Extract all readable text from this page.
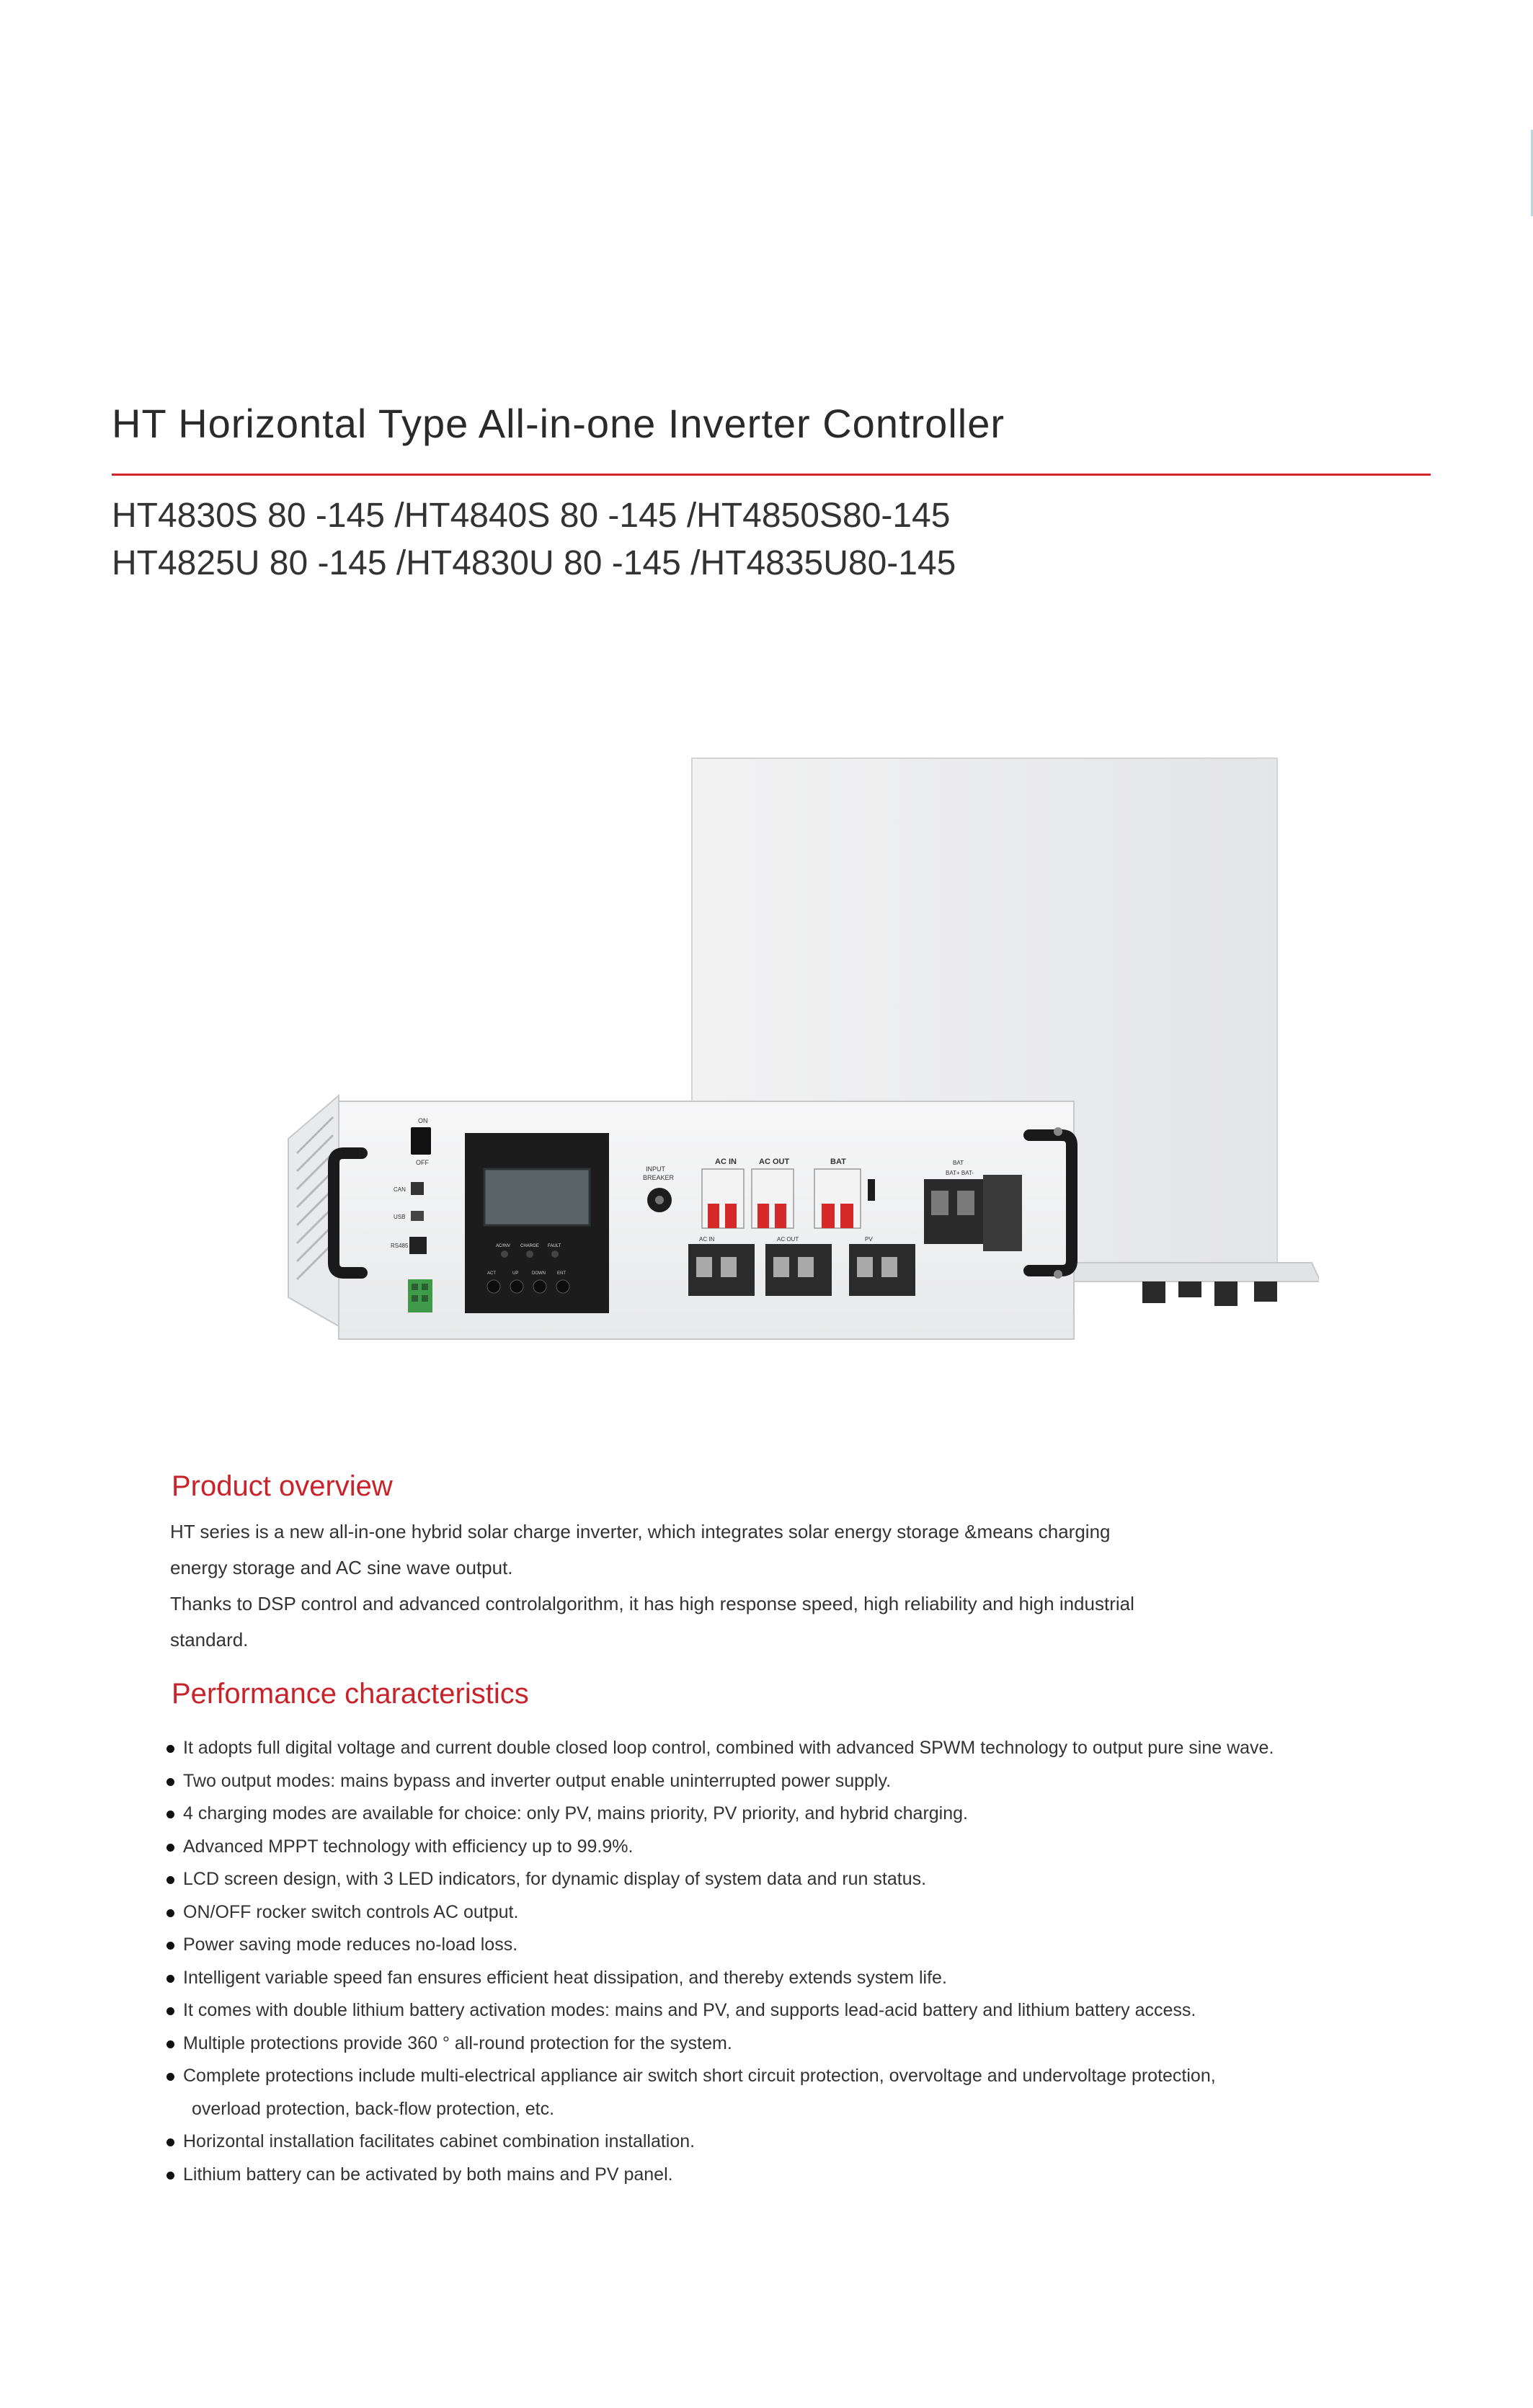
HT Horizontal Type All-in-one Inverter Controller
HT4830S 80 -145 /HT4840S 80 -145 /HT4850S80-145
HT4825U 80 -145 /HT4830U 80 -145 /HT4835U80-145
ON
OFF
CAN
USB
RS485	AC/INV CHARGE FAULT
ACT	UP	DOWN	ENT
INPUT
BREAKER
AC IN	AC OUT	BAT
AC IN	AC OUT	PV
BAT
BAT+ BAT-
Product overview
HT series is a new all-in-one hybrid solar charge inverter, which integrates solar energy storage &means charging
energy storage and AC sine wave output.
Thanks to DSP control and advanced controlalgorithm, it has high response speed, high reliability and high industrial
standard.
Performance characteristics
It adopts full digital voltage and current double closed loop control, combined with advanced SPWM technology to output pure sine wave.
Two output modes: mains bypass and inverter output enable uninterrupted power supply.
4 charging modes are available for choice: only PV, mains priority, PV priority, and hybrid charging.
Advanced MPPT technology with efficiency up to 99.9%.
LCD screen design, with 3 LED indicators, for dynamic display of system data and run status.
ON/OFF rocker switch controls AC output.
Power saving mode reduces no-load loss.
Intelligent variable speed fan ensures efficient heat dissipation, and thereby extends system life.
It comes with double lithium battery activation modes: mains and PV, and supports lead-acid battery and lithium battery access.
Multiple protections provide 360 ° all-round protection for the system.
Complete protections include multi-electrical appliance air switch short circuit protection, overvoltage and undervoltage protection,
overload protection, back-flow protection, etc.
Horizontal installation facilitates cabinet combination installation.
Lithium battery can be activated by both mains and PV panel.
